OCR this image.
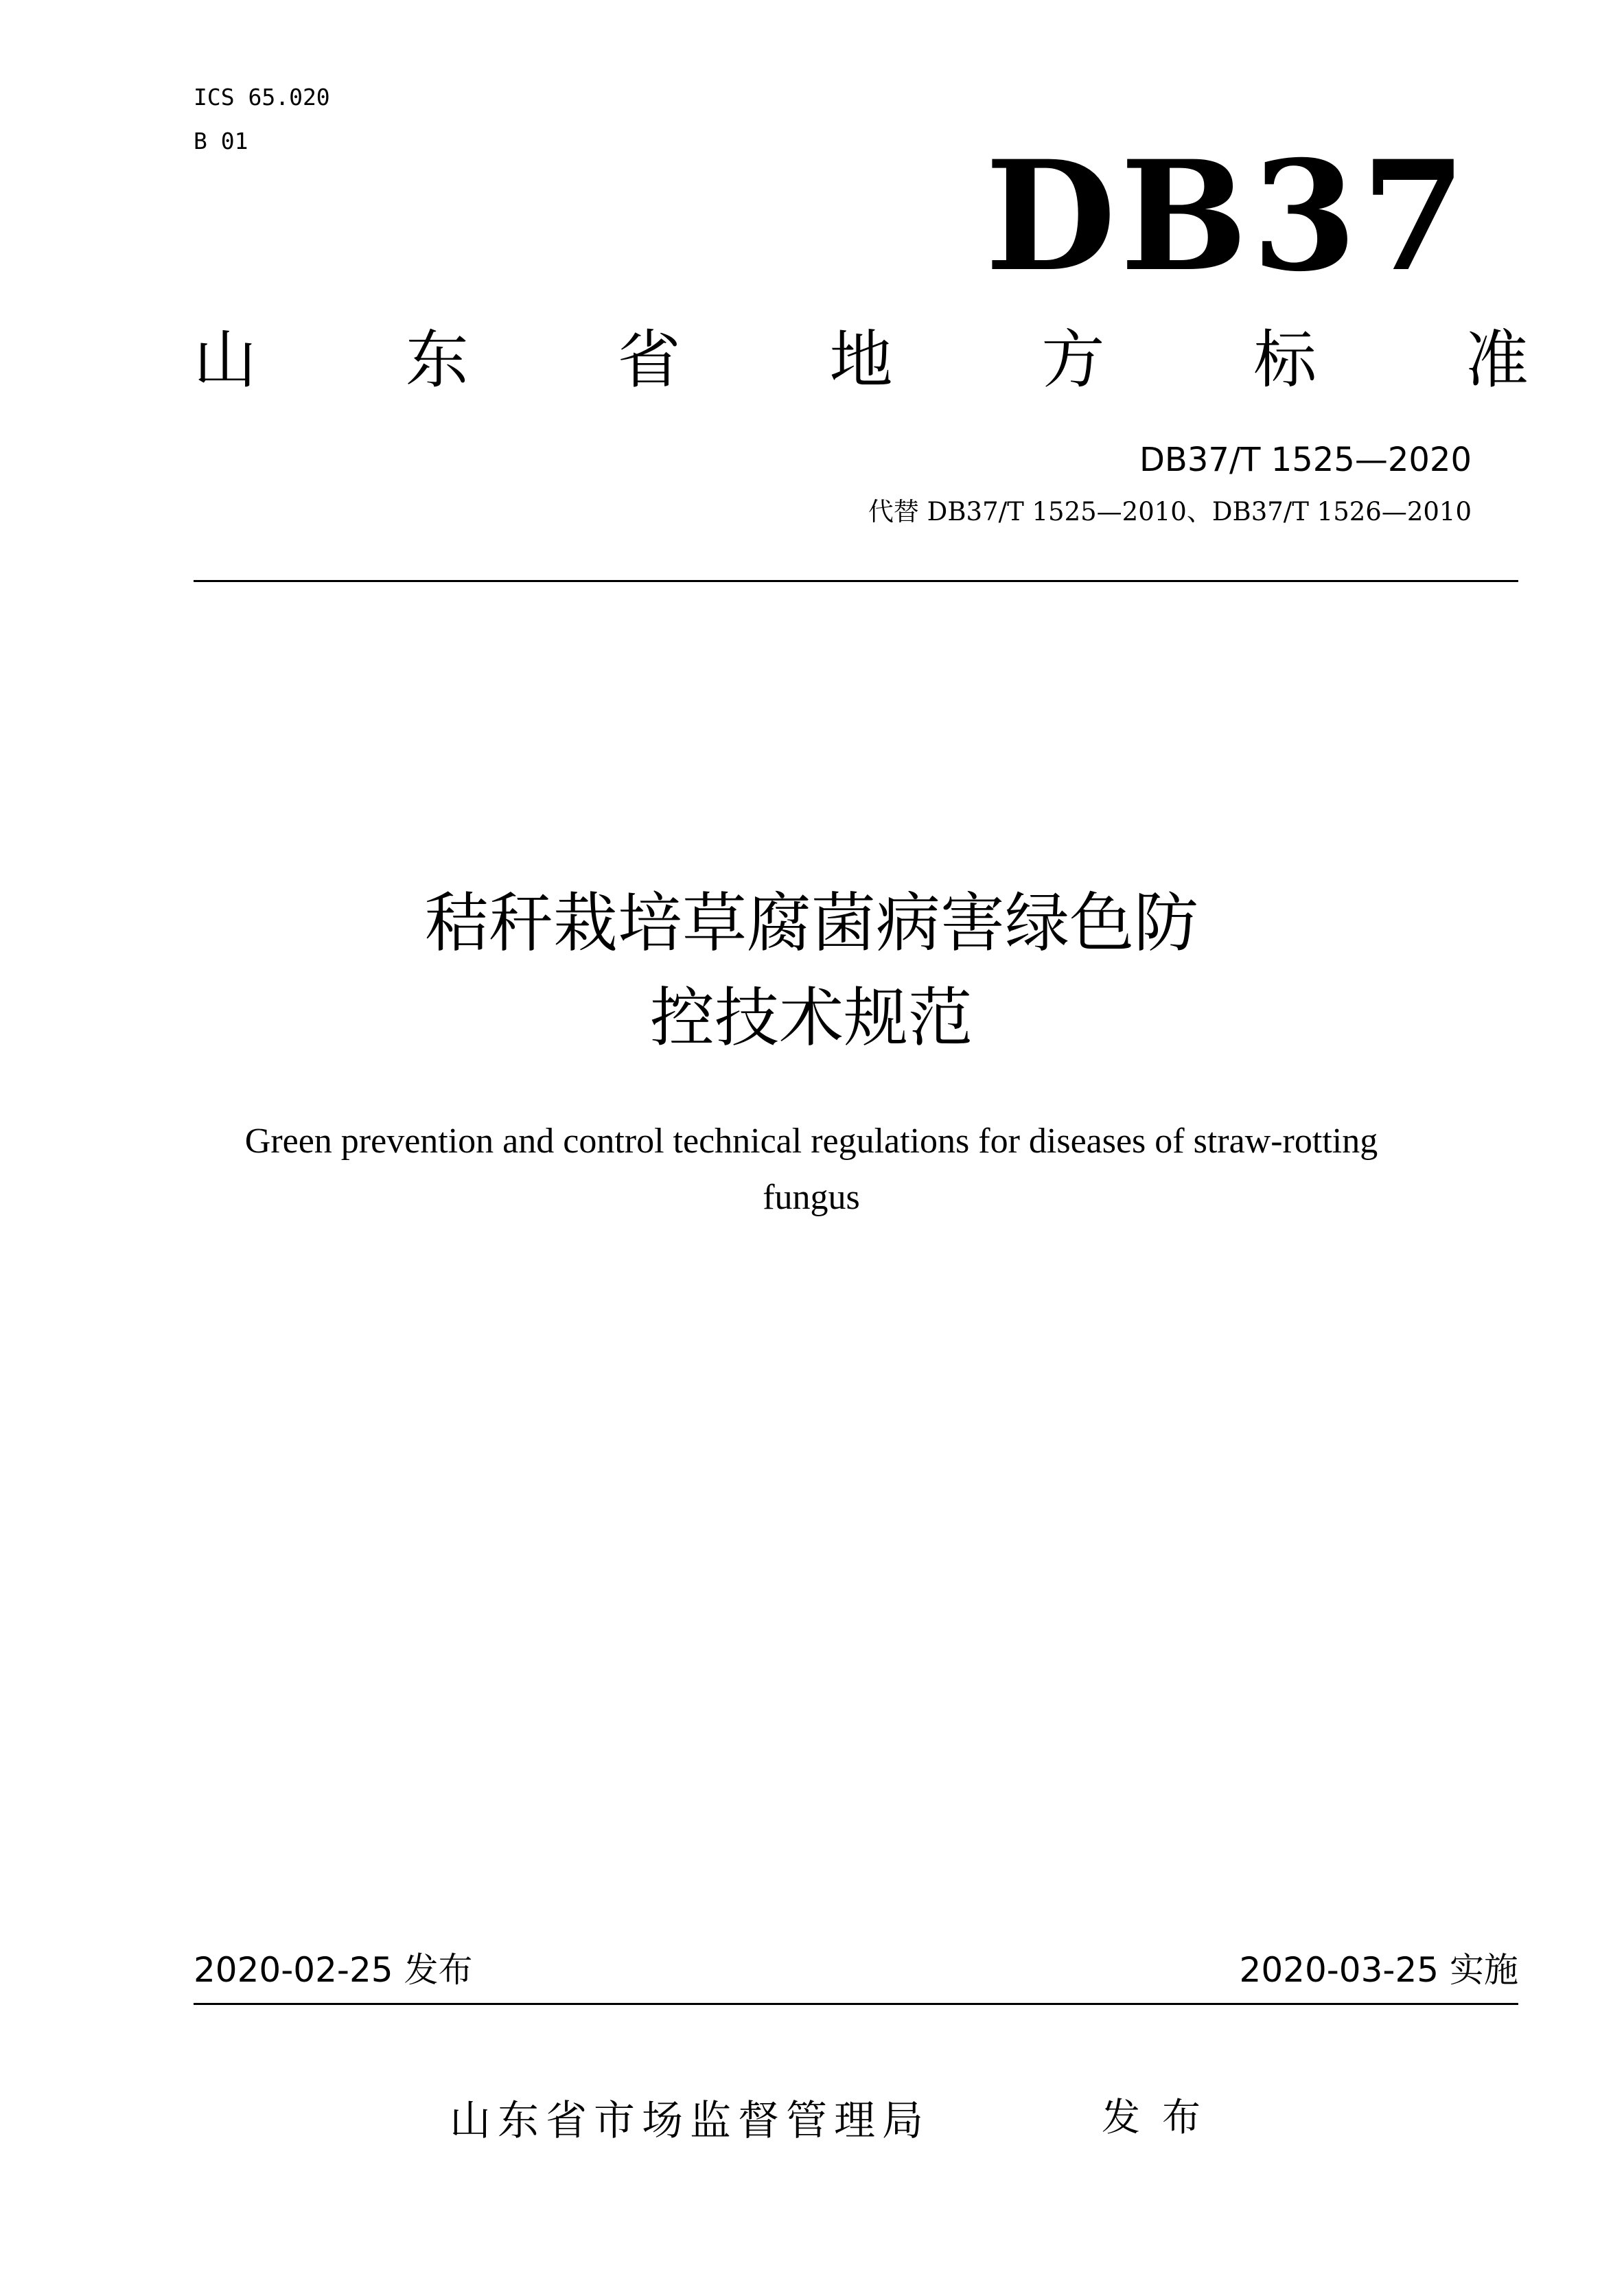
ICS 65.020
B 01	DB37
山 东 省 地 方 标 准
DB37/T 1525—2020
代替 DB37/T 1525—2010、DB37/T 1526—2010
秸秆栽培草腐菌病害绿色防
控技术规范
Green prevention and control technical regulations for diseases of straw-rotting
fungus
2020-02-25 发布	2020-03-25 实施
山东省市场监督管理局	发布
